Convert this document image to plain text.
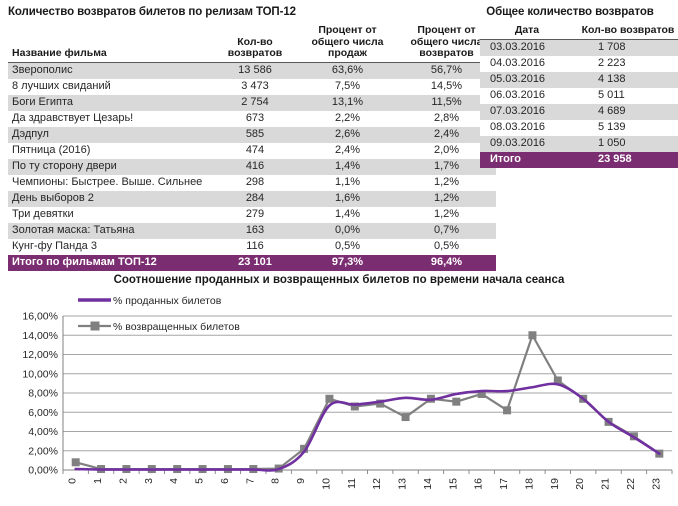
Количество возвратов билетов по релизам ТОП-12
Название фильма	Кол-во возвратов	Процент от общего числа продаж	Процент от общего числа возвратов
Зверополис	13 586	63,6%	56,7%
8 лучших свиданий	3 473	7,5%	14,5%
Боги Египта	2 754	13,1%	11,5%
Да здравствует Цезарь!	673	2,2%	2,8%
Дэдпул	585	2,6%	2,4%
Пятница (2016)	474	2,4%	2,0%
По ту сторону двери	416	1,4%	1,7%
Чемпионы: Быстрее. Выше. Сильнее	298	1,1%	1,2%
День выборов 2	284	1,6%	1,2%
Три девятки	279	1,4%	1,2%
Золотая маска: Татьяна	163	0,0%	0,7%
Кунг-фу Панда 3	116	0,5%	0,5%
Итого по фильмам ТОП-12	23 101	97,3%	96,4%
Общее количество возвратов
Дата	Кол-во возвратов
03.03.2016	1 708
04.03.2016	2 223
05.03.2016	4 138
06.03.2016	5 011
07.03.2016	4 689
08.03.2016	5 139
09.03.2016	1 050
Итого	23 958
Соотношение проданных и возвращенных билетов по времени начала сеанса
0,00%
2,00%
4,00%
6,00%
8,00%
10,00%
12,00%
14,00%
16,00%
0 1 2 3 4 5 6 7 8 9 10 11 12 13 14 15 16 17 18 19 20 21 22 23
% проданных билетов
% возвращенных билетов
